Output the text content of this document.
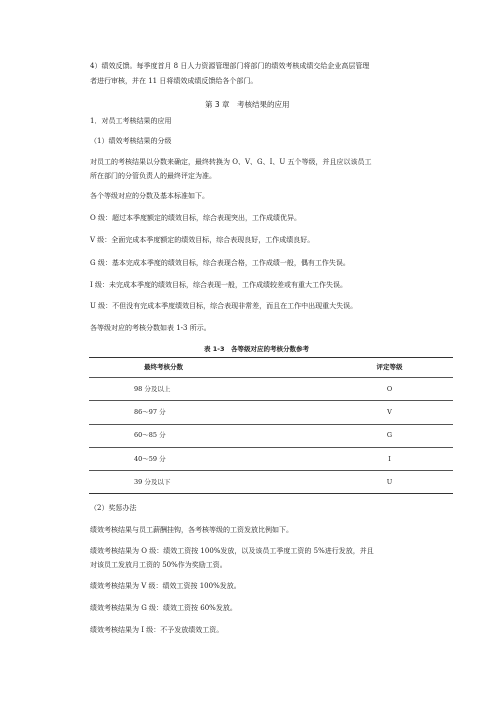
4）绩效反馈。每季度首月 8 日人力资源管理部门将部门的绩效考核成绩交给企业高层管理
者进行审核，并在 11 日将绩效成绩反馈给各个部门。
第 3 章　考核结果的应用
1．对员工考核结果的应用
（1）绩效考核结果的分级
对员工的考核结果以分数来确定，最终转换为 O、V、G、I、U 五个等级，并且应以该员工
所在部门的分管负责人的最终评定为准。
各个等级对应的分数及基本标准如下。
O 级：超过本季度额定的绩效目标，综合表现突出，工作成绩优异。
V 级：全面完成本季度额定的绩效目标，综合表现良好，工作成绩良好。
G 级：基本完成本季度的绩效目标，综合表现合格，工作成绩一般，偶有工作失误。
I 级：未完成本季度的绩效目标，综合表现一般，工作成绩较差或有重大工作失误。
U 级：不但没有完成本季度绩效目标，综合表现非常差，而且在工作中出现重大失误。
各等级对应的考核分数如表 1-3 所示。
表 1-3　各等级对应的考核分数参考
最终考核分数	评定等级
98 分及以上	O
86～97 分	V
60～85 分	G
40～59 分	I
39 分及以下	U
（2）奖惩办法
绩效考核结果与员工薪酬挂钩，各考核等级的工资发放比例如下。
绩效考核结果为 O 级：绩效工资按 100%发放，以及该员工季度工资的 5%进行发放，并且
对该员工发放月工资的 50%作为奖励工资。
绩效考核结果为 V 级：绩效工资按 100%发放。
绩效考核结果为 G 级：绩效工资按 60%发放。
绩效考核结果为 I 级：不予发放绩效工资。
